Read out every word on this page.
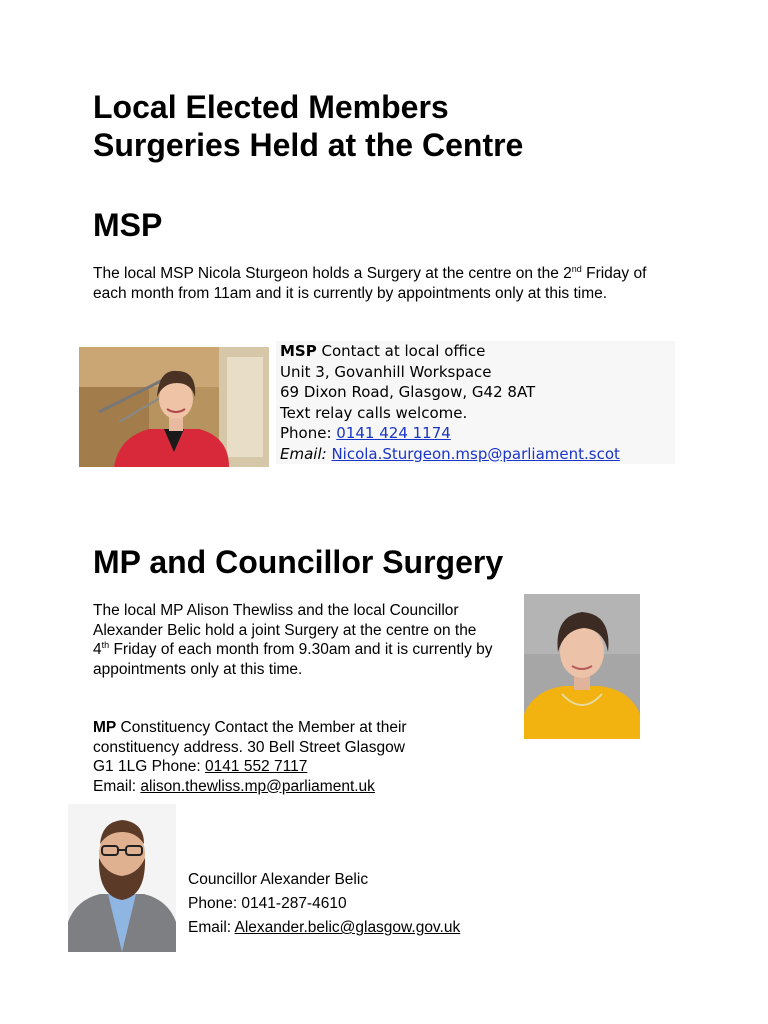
Local Elected Members
Surgeries Held at the Centre
MSP

The local MSP Nicola Sturgeon holds a Surgery at the centre on the 2nd Friday of each month from 11am and it is currently by appointments only at this time.

MSP Contact at local office

Unit 3, Govanhill Workspace

69 Dixon Road, Glasgow, G42 8AT

Text relay calls welcome.

Phone: 0141 424 1174

Email: Nicola.Sturgeon.msp@parliament.scot

MP and Councillor Surgery

The local MP Alison Thewliss and the local Councillor Alexander Belic hold a joint Surgery at the centre on the 4th Friday of each month from 9.30am and it is currently by appointments only at this time.

MP Constituency Contact the Member at their
constituency address. 30 Bell Street Glasgow
G1 1LG Phone: 0141 552 7117
Email: alison.thewliss.mp@parliament.uk

Councillor Alexander Belic
Phone: 0141-287-4610
Email: Alexander.belic@glasgow.gov.uk
